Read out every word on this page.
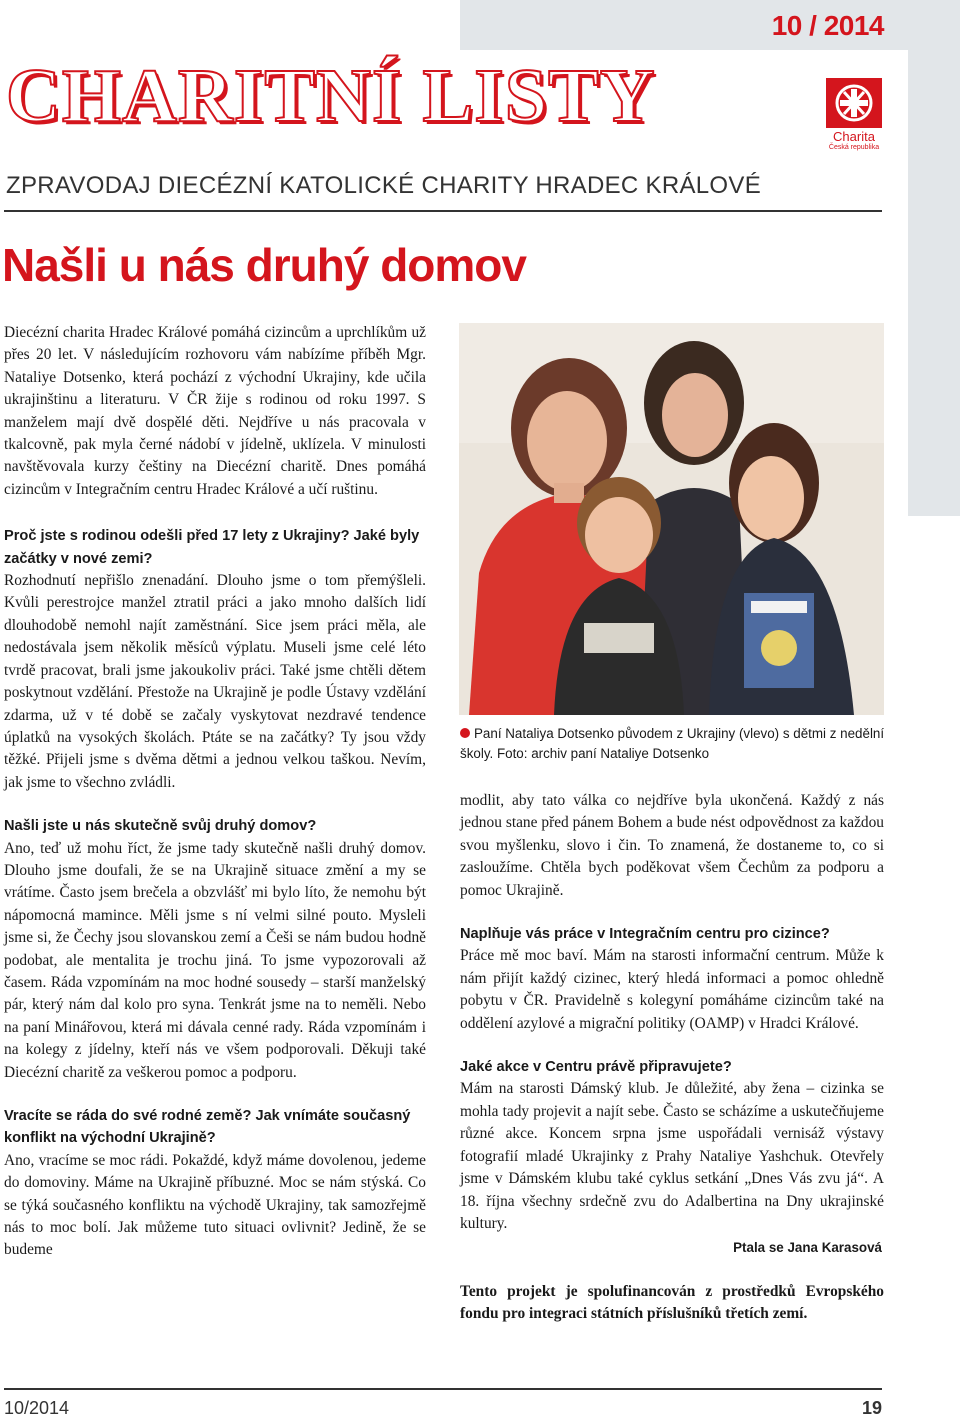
10 / 2014
CHARITNÍ LISTY	Charita
Česká republika
ZPRAVODAJ DIECÉZNÍ KATOLICKÉ CHARITY HRADEC KRÁLOVÉ
Našli u nás druhý domov

Diecézní charita Hradec Králové pomáhá cizincům a uprchlíkům už přes 20 let. V následujícím rozhovoru vám nabízíme příběh Mgr. Nataliye Dotsenko, která pochází z východní Ukrajiny, kde učila ukrajinštinu a literaturu. V ČR žije s rodinou od roku 1997. S manželem mají dvě dospělé děti. Nejdříve u nás pracovala v tkalcovně, pak myla černé nádobí v jídelně, uklízela. V minulosti navštěvovala kurzy češtiny na Diecézní charitě. Dnes pomáhá cizincům v Integračním centru Hradec Králové a učí ruštinu.

Proč jste s rodinou odešli před 17 lety z Ukrajiny? Jaké byly začátky v nové zemi?

Rozhodnutí nepřišlo znenadání. Dlouho jsme o tom přemýšleli. Kvůli perestrojce manžel ztratil práci a jako mnoho dalších lidí dlouhodobě nemohl najít zaměstnání. Sice jsem práci měla, ale nedostávala jsem několik měsíců výplatu. Museli jsme celé léto tvrdě pracovat, brali jsme jakoukoliv práci. Také jsme chtěli dětem poskytnout vzdělání. Přestože na Ukrajině je podle Ústavy vzdělání zdarma, už v té době se začaly vyskytovat nezdravé tendence úplatků na vysokých školách. Ptáte se na začátky? Ty jsou vždy těžké. Přijeli jsme s dvěma dětmi a jednou velkou taškou. Nevím, jak jsme to všechno zvládli.

Našli jste u nás skutečně svůj druhý domov?

Ano, teď už mohu říct, že jsme tady skutečně našli druhý domov. Dlouho jsme doufali, že se na Ukrajině situace změní a my se vrátíme. Často jsem brečela a obzvlášť mi bylo líto, že nemohu být nápomocná mamince. Měli jsme s ní velmi silné pouto. Mysleli jsme si, že Čechy jsou slovanskou zemí a Češi se nám budou hodně podobat, ale mentalita je trochu jiná. To jsme vypozorovali až časem. Ráda vzpomínám na moc hodné sousedy – starší manželský pár, který nám dal kolo pro syna. Tenkrát jsme na to neměli. Nebo na paní Minářovou, která mi dávala cenné rady. Ráda vzpomínám i na kolegy z jídelny, kteří nás ve všem podporovali. Děkuji také Diecézní charitě za veškerou pomoc a podporu.

Vracíte se ráda do své rodné země? Jak vnímáte současný konflikt na východní Ukrajině?

Ano, vracíme se moc rádi. Pokaždé, když máme dovolenou, jedeme do domoviny. Máme na Ukrajině příbuzné. Moc se nám stýská. Co se týká současného konfliktu na východě Ukrajiny, tak samozřejmě nás to moc bolí. Jak můžeme tuto situaci ovlivnit? Jedině, že se budeme

Paní Nataliya Dotsenko původem z Ukrajiny (vlevo) s dětmi z nedělní školy. Foto: archiv paní Nataliye Dotsenko

modlit, aby tato válka co nejdříve byla ukončená. Každý z nás jednou stane před pánem Bohem a bude nést odpovědnost za každou svou myšlenku, slovo i čin. To znamená, že dostaneme to, co si zasloužíme. Chtěla bych poděkovat všem Čechům za podporu a pomoc Ukrajině.

Naplňuje vás práce v Integračním centru pro cizince?

Práce mě moc baví. Mám na starosti informační centrum. Může k nám přijít každý cizinec, který hledá informaci a pomoc ohledně pobytu v ČR. Pravidelně s kolegyní pomáháme cizincům také na oddělení azylové a migrační politiky (OAMP) v Hradci Králové.

Jaké akce v Centru právě připravujete?

Mám na starosti Dámský klub. Je důležité, aby žena – cizinka se mohla tady projevit a najít sebe. Často se scházíme a uskutečňujeme různé akce. Koncem srpna jsme uspořádali vernisáž výstavy fotografií mladé Ukrajinky z Prahy Nataliye Yashchuk. Otevřely jsme v Dámském klubu také cyklus setkání „Dnes Vás zvu já“. A 18. října všechny srdečně zvu do Adalbertina na Dny ukrajinské kultury.

Ptala se Jana Karasová

Tento projekt je spolufinancován z prostředků Evropského fondu pro integraci státních příslušníků třetích zemí.

10/2014	19
